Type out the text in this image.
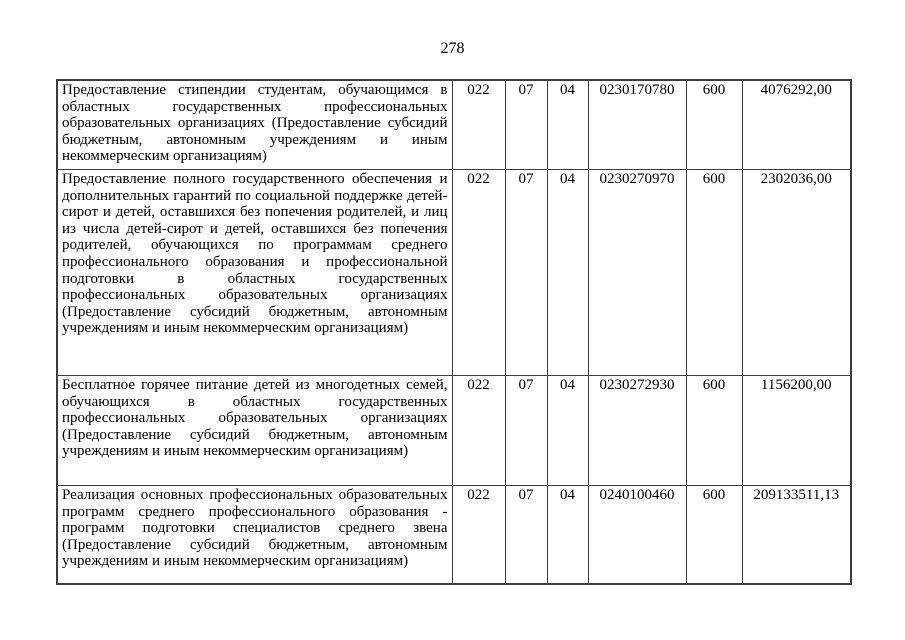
278
Предоставление стипендии студентам, обучающимся в областных государственных профессиональных образовательных организациях (Предоставление субсидий бюджетным, автономным учреждениям и иным некоммерческим организациям)	022	07	04	0230170780	600	4076292,00
Предоставление полного государственного обеспечения и дополнительных гарантий по социальной поддержке детей-сирот и детей, оставшихся без попечения родителей, и лиц из числа детей-сирот и детей, оставшихся без попечения родителей, обучающихся по программам среднего профессионального образования и профессиональной подготовки в областных государственных профессиональных образовательных организациях (Предоставление субсидий бюджетным, автономным учреждениям и иным некоммерческим организациям)	022	07	04	0230270970	600	2302036,00
Бесплатное горячее питание детей из многодетных семей, обучающихся в областных государственных профессиональных образовательных организациях (Предоставление субсидий бюджетным, автономным учреждениям и иным некоммерческим организациям)	022	07	04	0230272930	600	1156200,00
Реализация основных профессиональных образовательных программ среднего профессионального образования - программ подготовки специалистов среднего звена (Предоставление субсидий бюджетным, автономным учреждениям и иным некоммерческим организациям)	022	07	04	0240100460	600	209133511,13
